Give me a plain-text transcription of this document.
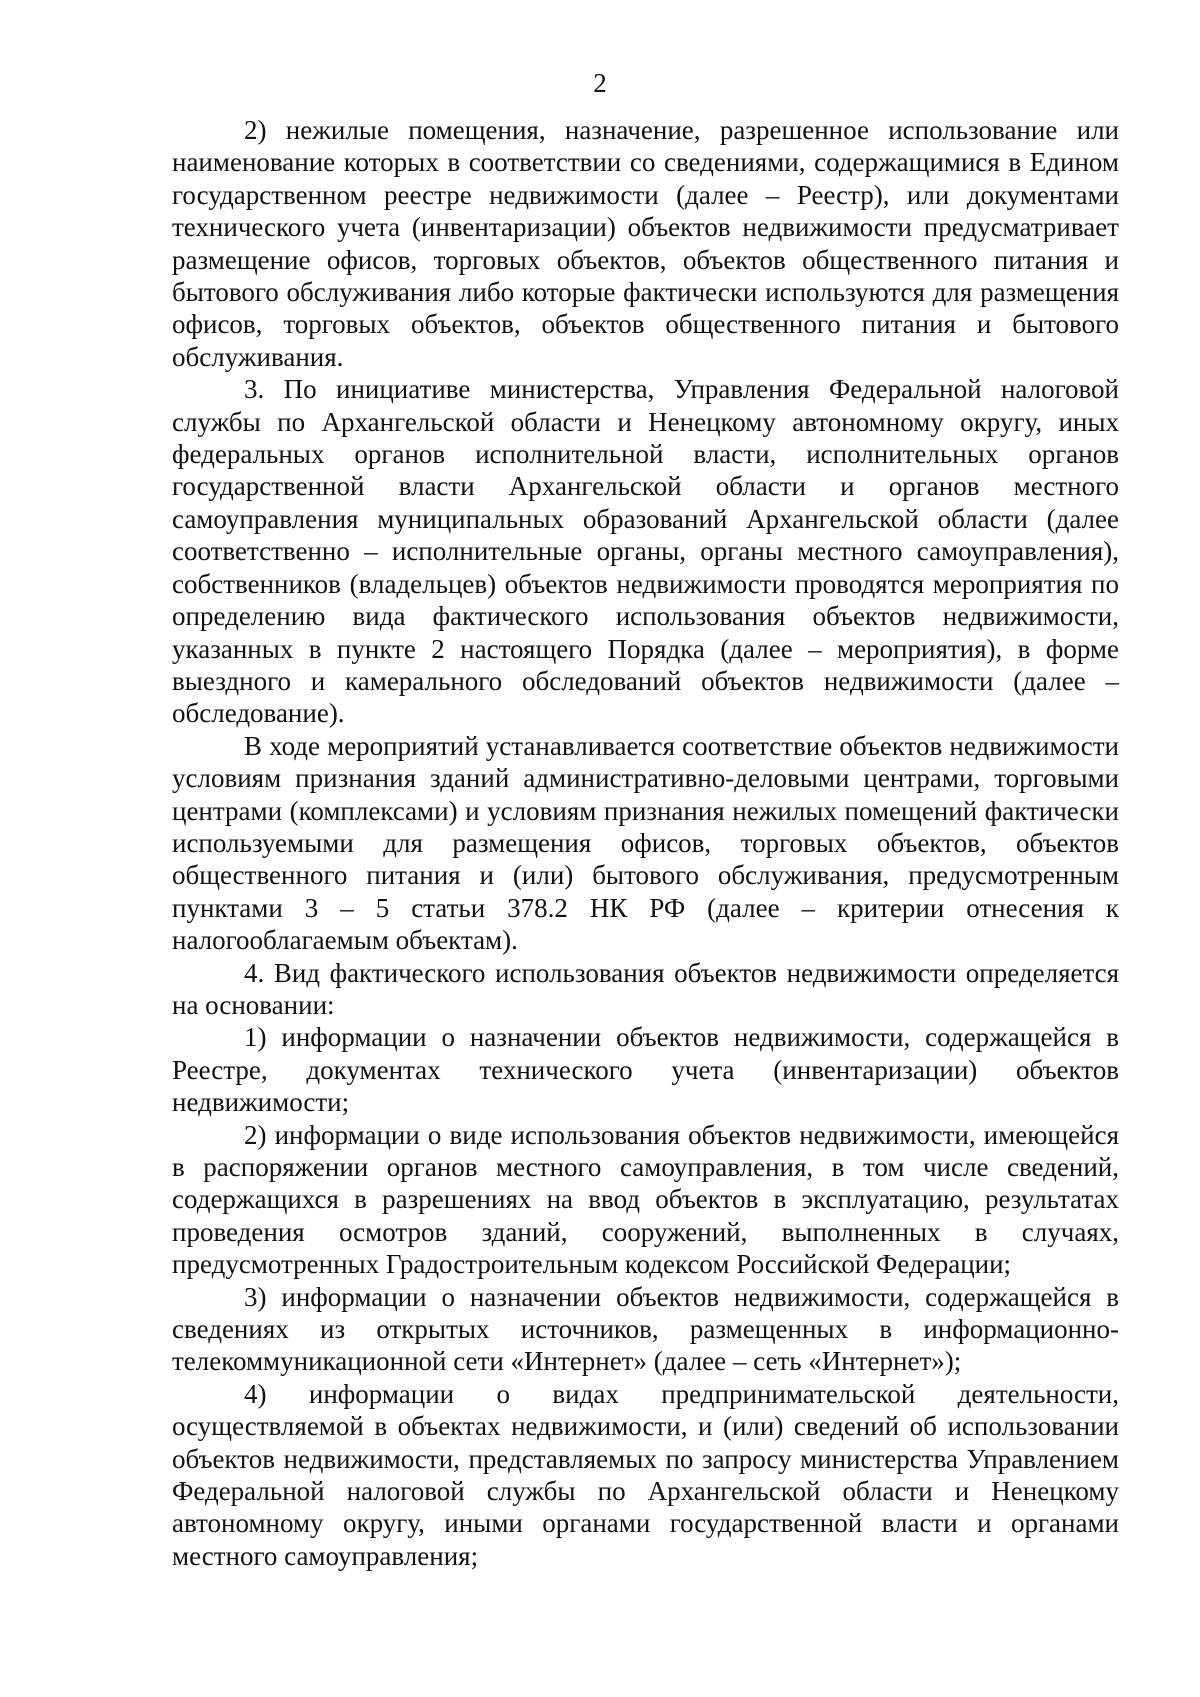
2

2) нежилые помещения, назначение, разрешенное использование или наименование которых в соответствии со сведениями, содержащимися в Едином государственном реестре недвижимости (далее – Реестр), или документами технического учета (инвентаризации) объектов недвижимости предусматривает размещение офисов, торговых объектов, объектов общественного питания и бытового обслуживания либо которые фактически используются для размещения офисов, торговых объектов, объектов общественного питания и бытового обслуживания.

3. По инициативе министерства, Управления Федеральной налоговой службы по Архангельской области и Ненецкому автономному округу, иных федеральных органов исполнительной власти, исполнительных органов государственной власти Архангельской области и органов местного самоуправления муниципальных образований Архангельской области (далее соответственно – исполнительные органы, органы местного самоуправления), собственников (владельцев) объектов недвижимости проводятся мероприятия по определению вида фактического использования объектов недвижимости, указанных в пункте 2 настоящего Порядка (далее – мероприятия), в форме выездного и камерального обследований объектов недвижимости (далее – обследование).

В ходе мероприятий устанавливается соответствие объектов недвижимости условиям признания зданий административно-деловыми центрами, торговыми центрами (комплексами) и условиям признания нежилых помещений фактически используемыми для размещения офисов, торговых объектов, объектов общественного питания и (или) бытового обслуживания, предусмотренным пунктами 3 – 5 статьи 378.2 НК РФ (далее – критерии отнесения к налогооблагаемым объектам).

4. Вид фактического использования объектов недвижимости определяется на основании:

1) информации о назначении объектов недвижимости, содержащейся в Реестре, документах технического учета (инвентаризации) объектов недвижимости;

2) информации о виде использования объектов недвижимости, имеющейся в распоряжении органов местного самоуправления, в том числе сведений, содержащихся в разрешениях на ввод объектов в эксплуатацию, результатах проведения осмотров зданий, сооружений, выполненных в случаях, предусмотренных Градостроительным кодексом Российской Федерации;

3) информации о назначении объектов недвижимости, содержащейся в сведениях из открытых источников, размещенных в информационно-телекоммуникационной сети «Интернет» (далее – сеть «Интернет»);

4) информации о видах предпринимательской деятельности, осуществляемой в объектах недвижимости, и (или) сведений об использовании объектов недвижимости, представляемых по запросу министерства Управлением Федеральной налоговой службы по Архангельской области и Ненецкому автономному округу, иными органами государственной власти и органами местного самоуправления;
